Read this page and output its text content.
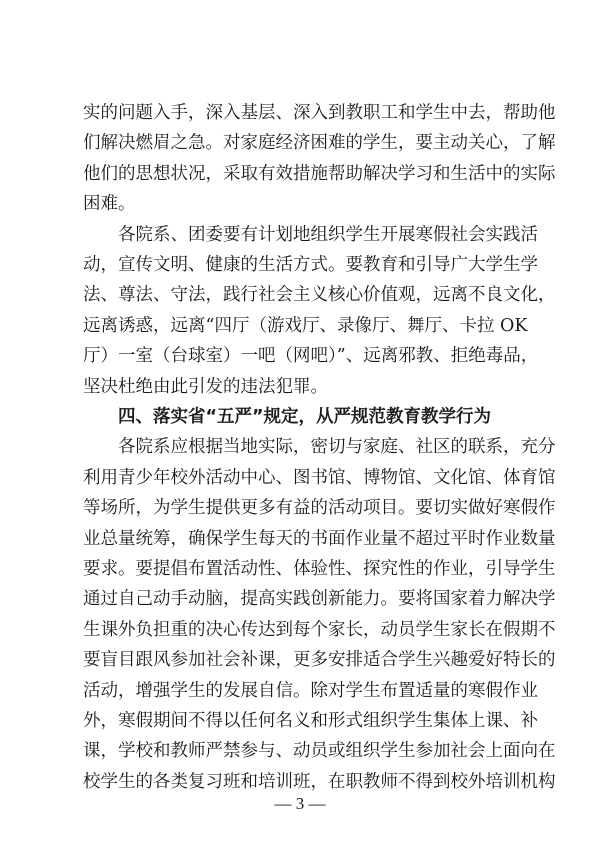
实的问题入手，深入基层、深入到教职工和学生中去，帮助他
们解决燃眉之急。对家庭经济困难的学生，要主动关心，了解
他们的思想状况，采取有效措施帮助解决学习和生活中的实际
困难。
　　各院系、团委要有计划地组织学生开展寒假社会实践活
动，宣传文明、健康的生活方式。要教育和引导广大学生学
法、尊法、守法，践行社会主义核心价值观，远离不良文化，
远离诱惑，远离“四厅（游戏厅、录像厅、舞厅、卡拉 OK
厅）一室（台球室）一吧（网吧）”、远离邪教、拒绝毒品，
坚决杜绝由此引发的违法犯罪。
　　四、落实省“五严”规定，从严规范教育教学行为
　　各院系应根据当地实际，密切与家庭、社区的联系，充分
利用青少年校外活动中心、图书馆、博物馆、文化馆、体育馆
等场所，为学生提供更多有益的活动项目。要切实做好寒假作
业总量统筹，确保学生每天的书面作业量不超过平时作业数量
要求。要提倡布置活动性、体验性、探究性的作业，引导学生
通过自己动手动脑，提高实践创新能力。要将国家着力解决学
生课外负担重的决心传达到每个家长，动员学生家长在假期不
要盲目跟风参加社会补课，更多安排适合学生兴趣爱好特长的
活动，增强学生的发展自信。除对学生布置适量的寒假作业
外，寒假期间不得以任何名义和形式组织学生集体上课、补
课，学校和教师严禁参与、动员或组织学生参加社会上面向在
校学生的各类复习班和培训班，在职教师不得到校外培训机构
— 3 —
